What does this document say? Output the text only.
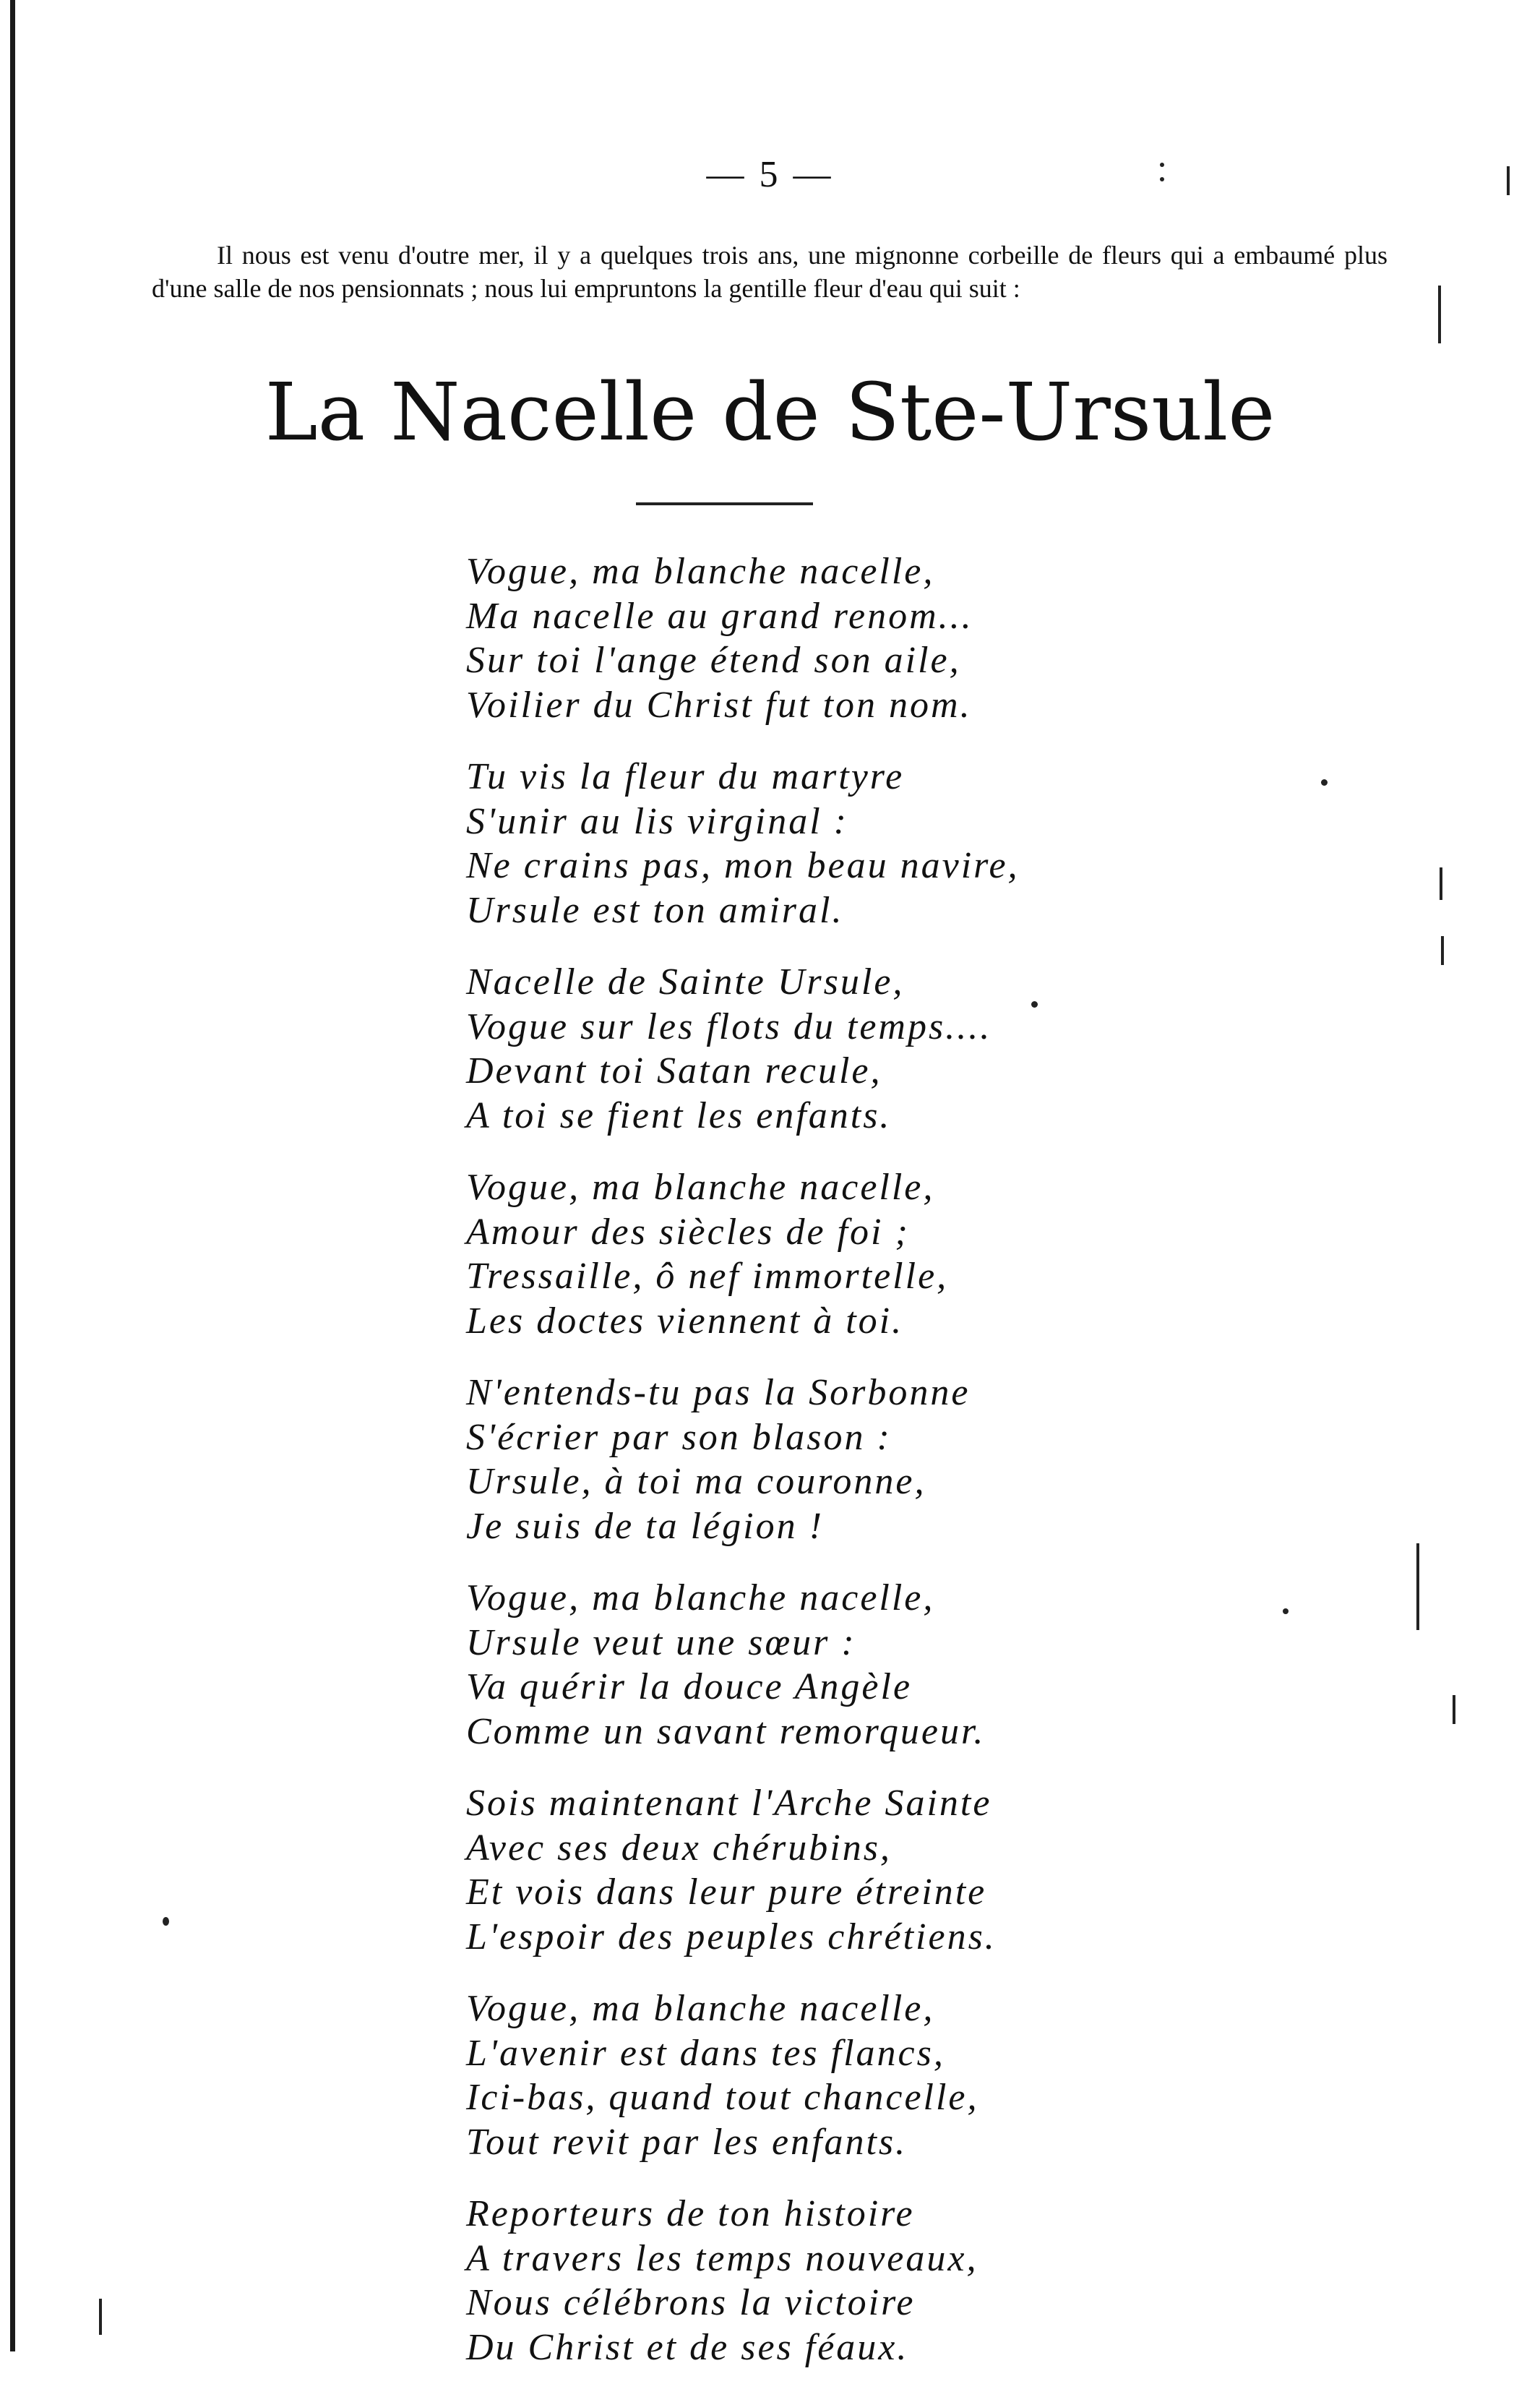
— 5 —

Il nous est venu d'outre mer, il y a quelques trois ans, une mignonne corbeille de fleurs qui a embaumé plus d'une salle de nos pensionnats ; nous lui empruntons la gentille fleur d'eau qui suit :

La Nacelle de Ste-Ursule
Vogue, ma blanche nacelle,
Ma nacelle au grand renom...
Sur toi l'ange étend son aile,
Voilier du Christ fut ton nom.
Tu vis la fleur du martyre
S'unir au lis virginal :
Ne crains pas, mon beau navire,
Ursule est ton amiral.
Nacelle de Sainte Ursule,
Vogue sur les flots du temps....
Devant toi Satan recule,
A toi se fient les enfants.
Vogue, ma blanche nacelle,
Amour des siècles de foi ;
Tressaille, ô nef immortelle,
Les doctes viennent à toi.
N'entends-tu pas la Sorbonne
S'écrier par son blason :
Ursule, à toi ma couronne,
Je suis de ta légion !
Vogue, ma blanche nacelle,
Ursule veut une sœur :
Va quérir la douce Angèle
Comme un savant remorqueur.
Sois maintenant l'Arche Sainte
Avec ses deux chérubins,
Et vois dans leur pure étreinte
L'espoir des peuples chrétiens.
Vogue, ma blanche nacelle,
L'avenir est dans tes flancs,
Ici-bas, quand tout chancelle,
Tout revit par les enfants.
Reporteurs de ton histoire
A travers les temps nouveaux,
Nous célébrons la victoire
Du Christ et de ses féaux.
